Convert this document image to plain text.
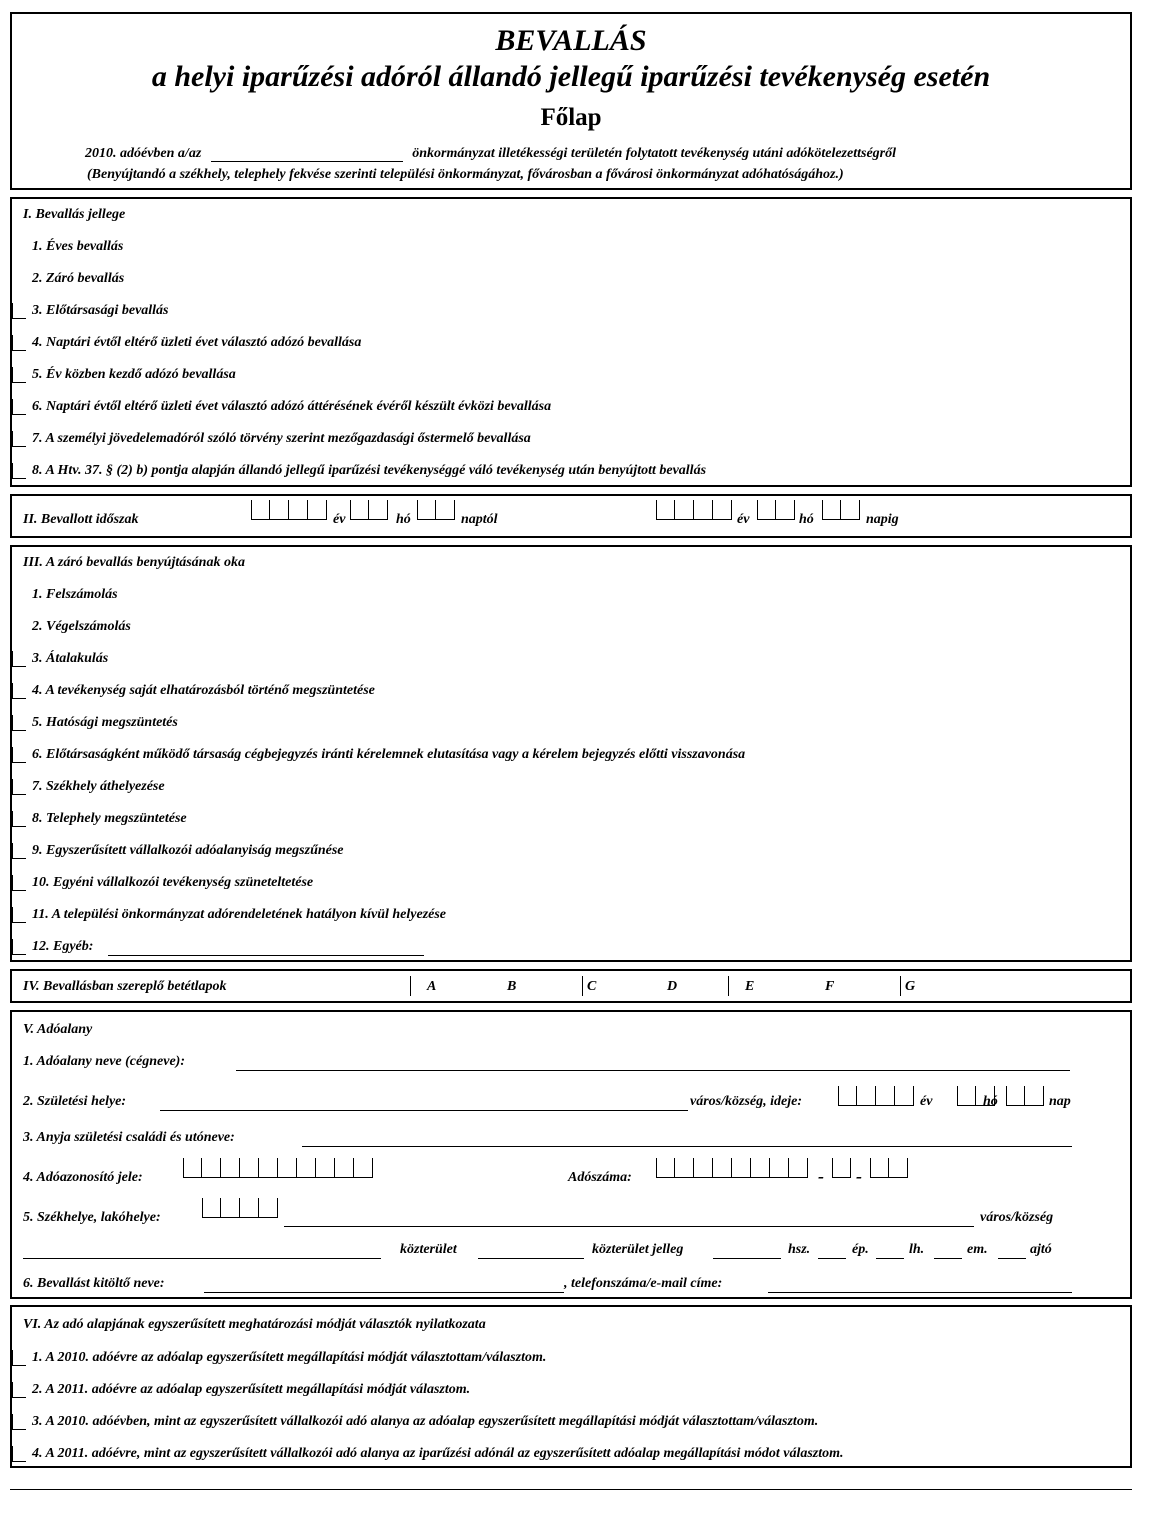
BEVALLÁS
a helyi iparűzési adóról állandó jellegű iparűzési tevékenység esetén
Főlap
2010. adóévben a/az	önkormányzat illetékességi területén folytatott tevékenység utáni adókötelezettségről
(Benyújtandó a székhely, telephely fekvése szerinti települési önkormányzat, fővárosban a fővárosi önkormányzat adóhatóságához.)
I. Bevallás jellege
1. Éves bevallás
2. Záró bevallás
3. Előtársasági bevallás
4. Naptári évtől eltérő üzleti évet választó adózó bevallása
5. Év közben kezdő adózó bevallása
6. Naptári évtől eltérő üzleti évet választó adózó áttérésének évéről készült évközi bevallása
7. A személyi jövedelemadóról szóló törvény szerint mezőgazdasági őstermelő bevallása
8. A Htv. 37. § (2) b) pontja alapján állandó jellegű iparűzési tevékenységgé váló tevékenység után benyújtott bevallás
II. Bevallott időszak	év	hó	naptól	év	hó	napig
III. A záró bevallás benyújtásának oka
1. Felszámolás
2. Végelszámolás
3. Átalakulás
4. A tevékenység saját elhatározásból történő megszüntetése
5. Hatósági megszüntetés
6. Előtársaságként működő társaság cégbejegyzés iránti kérelemnek elutasítása vagy a kérelem bejegyzés előtti visszavonása
7. Székhely áthelyezése
8. Telephely megszüntetése
9. Egyszerűsített vállalkozói adóalanyiság megszűnése
10. Egyéni vállalkozói tevékenység szüneteltetése
11. A települési önkormányzat adórendeletének hatályon kívül helyezése
12. Egyéb:
IV. Bevallásban szereplő betétlapok	A	B	C	D	E	F	G
V. Adóalany
1. Adóalany neve (cégneve):
2. Születési helye:	város/község, ideje:	év	hó	nap
3. Anyja születési családi és utóneve:
4. Adóazonosító jele:	Adószáma:	- -
5. Székhelye, lakóhelye:	város/község
közterület	közterület jelleg	hsz.	ép.	lh.	em.	ajtó
6. Bevallást kitöltő neve:	, telefonszáma/e-mail címe:
VI. Az adó alapjának egyszerűsített meghatározási módját választók nyilatkozata
1. A 2010. adóévre az adóalap egyszerűsített megállapítási módját választottam/választom.
2. A 2011. adóévre az adóalap egyszerűsített megállapítási módját választom.
3. A 2010. adóévben, mint az egyszerűsített vállalkozói adó alanya az adóalap egyszerűsített megállapítási módját választottam/választom.
4. A 2011. adóévre, mint az egyszerűsített vállalkozói adó alanya az iparűzési adónál az egyszerűsített adóalap megállapítási módot választom.
